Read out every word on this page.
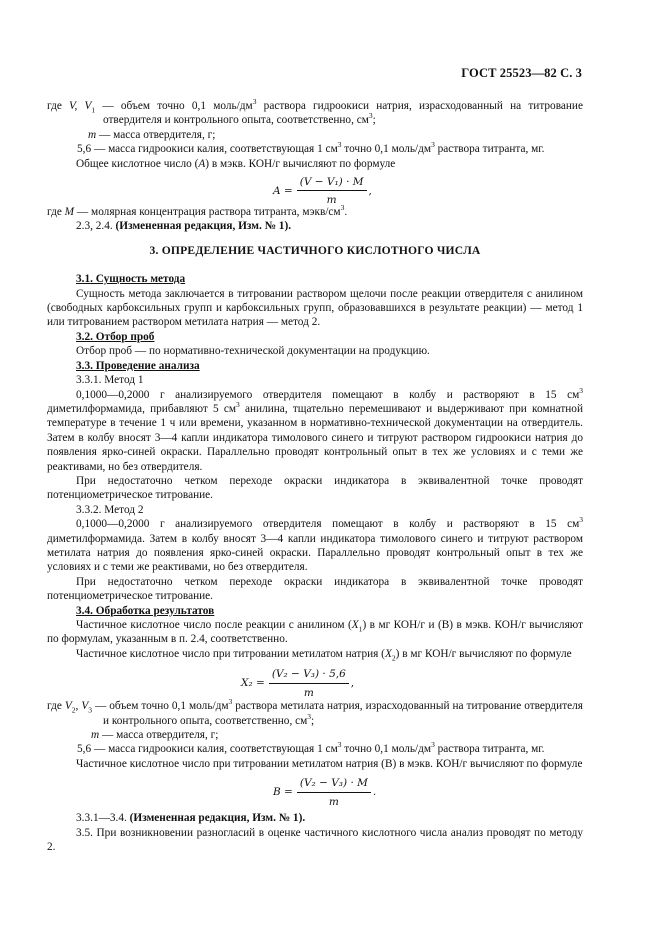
ГОСТ 25523—82 С. 3

где V, $V_1$ — объем точно 0,1 моль/$дм^3$ раствора гидроокиси натрия, израсходованный на титрование отвердителя и контрольного опыта, соответственно, $см^3$;

m — масса отвердителя, г;

5,6 — масса гидроокиси калия, соответствующая 1 $см^3$ точно 0,1 моль/$дм^3$ раствора титранта, мг.

Общее кислотное число (A) в мэкв. КОН/г вычисляют по формуле

$A = \frac{\text{(V − V₁) · M}}{m}$ ,

где M — молярная концентрация раствора титранта, мэкв/$см^3$.

2.3, 2.4. (Измененная редакция, Изм. № 1).

3. ОПРЕДЕЛЕНИЕ ЧАСТИЧНОГО КИСЛОТНОГО ЧИСЛА

3.1. Сущность метода

Сущность метода заключается в титровании раствором щелочи после реакции отвердителя с анилином (свободных карбоксильных групп и карбоксильных групп, образовавшихся в результате реакции) — метод 1 или титрованием раствором метилата натрия — метод 2.

3.2. Отбор проб

Отбор проб — по нормативно-технической документации на продукцию.

3.3. Проведение анализа

3.3.1. Метод 1

0,1000—0,2000 г анализируемого отвердителя помещают в колбу и растворяют в 15 $см^3$ диметилформамида, прибавляют 5 $см^3$ анилина, тщательно перемешивают и выдерживают при комнатной температуре в течение 1 ч или времени, указанном в нормативно-технической документации на отвердитель. Затем в колбу вносят 3—4 капли индикатора тимолового синего и титруют раствором гидроокиси натрия до появления ярко-синей окраски. Параллельно проводят контрольный опыт в тех же условиях и с теми же реактивами, но без отвердителя.

При недостаточно четком переходе окраски индикатора в эквивалентной точке проводят потенциометрическое титрование.

3.3.2. Метод 2

0,1000—0,2000 г анализируемого отвердителя помещают в колбу и растворяют в 15 $см^3$ диметилформамида. Затем в колбу вносят 3—4 капли индикатора тимолового синего и титруют раствором метилата натрия до появления ярко-синей окраски. Параллельно проводят контрольный опыт в тех же условиях и с теми же реактивами, но без отвердителя.

При недостаточно четком переходе окраски индикатора в эквивалентной точке проводят потенциометрическое титрование.

3.4. Обработка результатов

Частичное кислотное число после реакции с анилином $(X_1)$ в мг КОН/г и (B) в мэкв. КОН/г вычисляют по формулам, указанным в п. 2.4, соответственно.

Частичное кислотное число при титровании метилатом натрия $(X_2)$ в мг КОН/г вычисляют по формуле

$X_2 = \frac{\text{(V₂ − V₃) · 5,6}}{m}$ ,

где $V_2$, $V_3$ — объем точно 0,1 моль/$дм^3$ раствора метилата натрия, израсходованный на титрование отвердителя и контрольного опыта, соответственно, $см^3$;

m — масса отвердителя, г;

5,6 — масса гидроокиси калия, соответствующая 1 $см^3$ точно 0,1 моль/$дм^3$ раствора титранта, мг.

Частичное кислотное число при титровании метилатом натрия (B) в мэкв. КОН/г вычисляют по формуле

$B = \frac{\text{(V₂ − V₃) · M}}{m}$ .

3.3.1—3.4. (Измененная редакция, Изм. № 1).

3.5. При возникновении разногласий в оценке частичного кислотного числа анализ проводят по методу 2.
